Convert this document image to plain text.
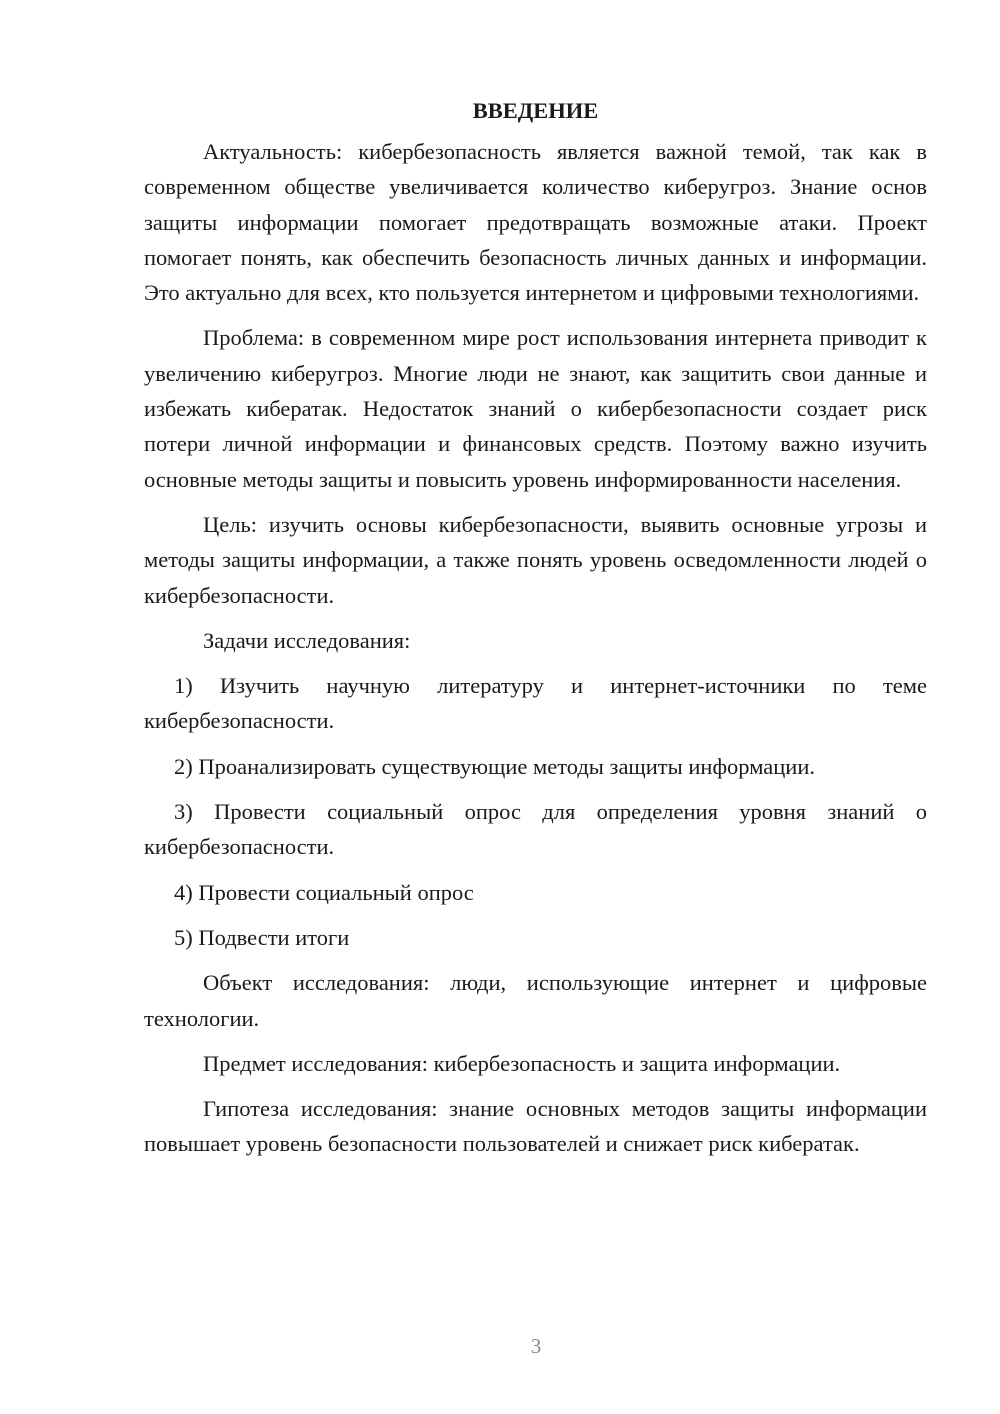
ВВЕДЕНИЕ

Актуальность: кибербезопасность является важной темой, так как в современном обществе увеличивается количество киберугроз. Знание основ защиты информации помогает предотвращать возможные атаки. Проект помогает понять, как обеспечить безопасность личных данных и информации. Это актуально для всех, кто пользуется интернетом и цифровыми технологиями.

Проблема: в современном мире рост использования интернета приводит к увеличению киберугроз. Многие люди не знают, как защитить свои данные и избежать кибератак. Недостаток знаний о кибербезопасности создает риск потери личной информации и финансовых средств. Поэтому важно изучить основные методы защиты и повысить уровень информированности населения.

Цель: изучить основы кибербезопасности, выявить основные угрозы и методы защиты информации, а также понять уровень осведомленности людей о кибербезопасности.

Задачи исследования:

1) Изучить научную литературу и интернет-источники по теме кибербезопасности.

2) Проанализировать существующие методы защиты информации.

3) Провести социальный опрос для определения уровня знаний о кибербезопасности.

4) Провести социальный опрос

5) Подвести итоги

Объект исследования: люди, использующие интернет и цифровые технологии.

Предмет исследования: кибербезопасность и защита информации.

Гипотеза исследования: знание основных методов защиты информации повышает уровень безопасности пользователей и снижает риск кибератак.

3
